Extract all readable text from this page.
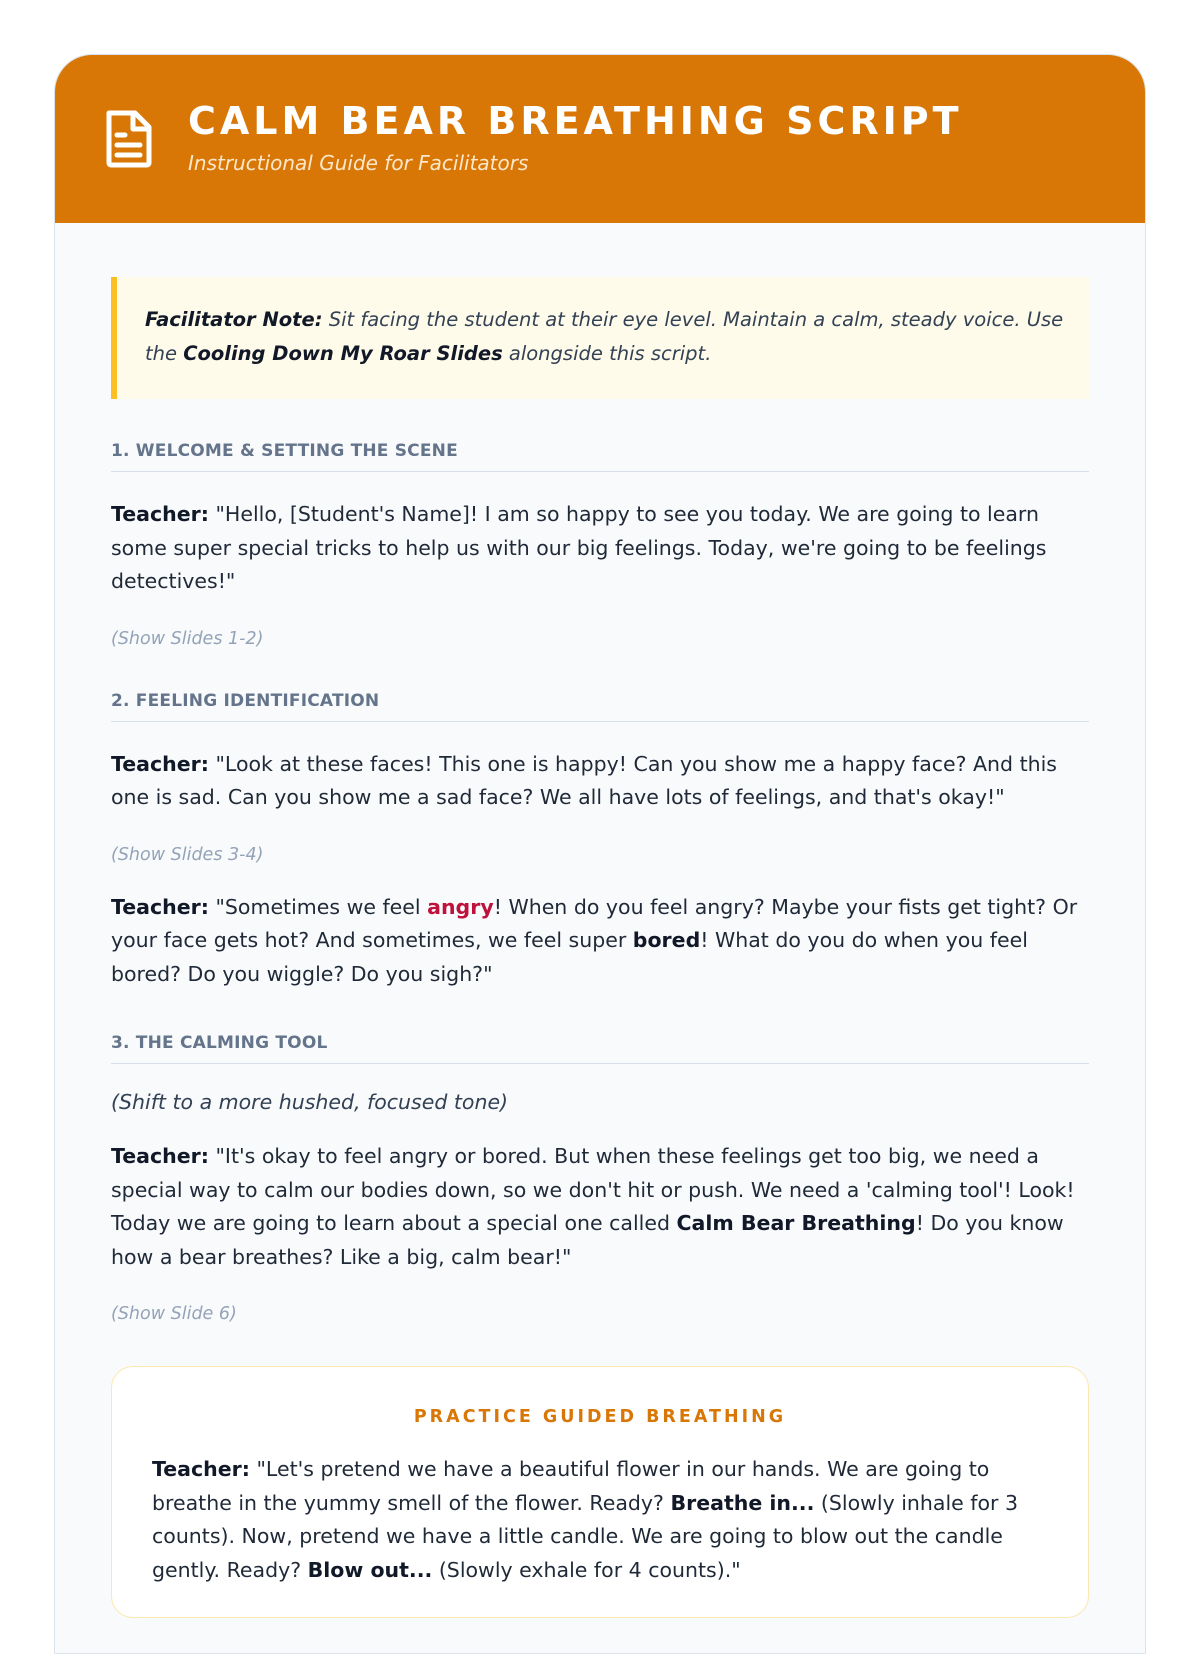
CALM BEAR BREATHING SCRIPT
Instructional Guide for Facilitators
Facilitator Note: Sit facing the student at their eye level. Maintain a calm, steady voice. Use the Cooling Down My Roar Slides alongside this script.
1. WELCOME & SETTING THE SCENE

Teacher: "Hello, [Student's Name]! I am so happy to see you today. We are going to learn some super special tricks to help us with our big feelings. Today, we're going to be feelings detectives!"

(Show Slides 1-2)
2. FEELING IDENTIFICATION

Teacher: "Look at these faces! This one is happy! Can you show me a happy face? And this one is sad. Can you show me a sad face? We all have lots of feelings, and that's okay!"

(Show Slides 3-4)

Teacher: "Sometimes we feel angry! When do you feel angry? Maybe your fists get tight? Or your face gets hot? And sometimes, we feel super bored! What do you do when you feel bored? Do you wiggle? Do you sigh?"

3. THE CALMING TOOL
(Shift to a more hushed, focused tone)

Teacher: "It's okay to feel angry or bored. But when these feelings get too big, we need a special way to calm our bodies down, so we don't hit or push. We need a 'calming tool'! Look! Today we are going to learn about a special one called Calm Bear Breathing! Do you know how a bear breathes? Like a big, calm bear!"

(Show Slide 6)
PRACTICE GUIDED BREATHING

Teacher: "Let's pretend we have a beautiful flower in our hands. We are going to breathe in the yummy smell of the flower. Ready? Breathe in... (Slowly inhale for 3 counts). Now, pretend we have a little candle. We are going to blow out the candle gently. Ready? Blow out... (Slowly exhale for 4 counts)."
